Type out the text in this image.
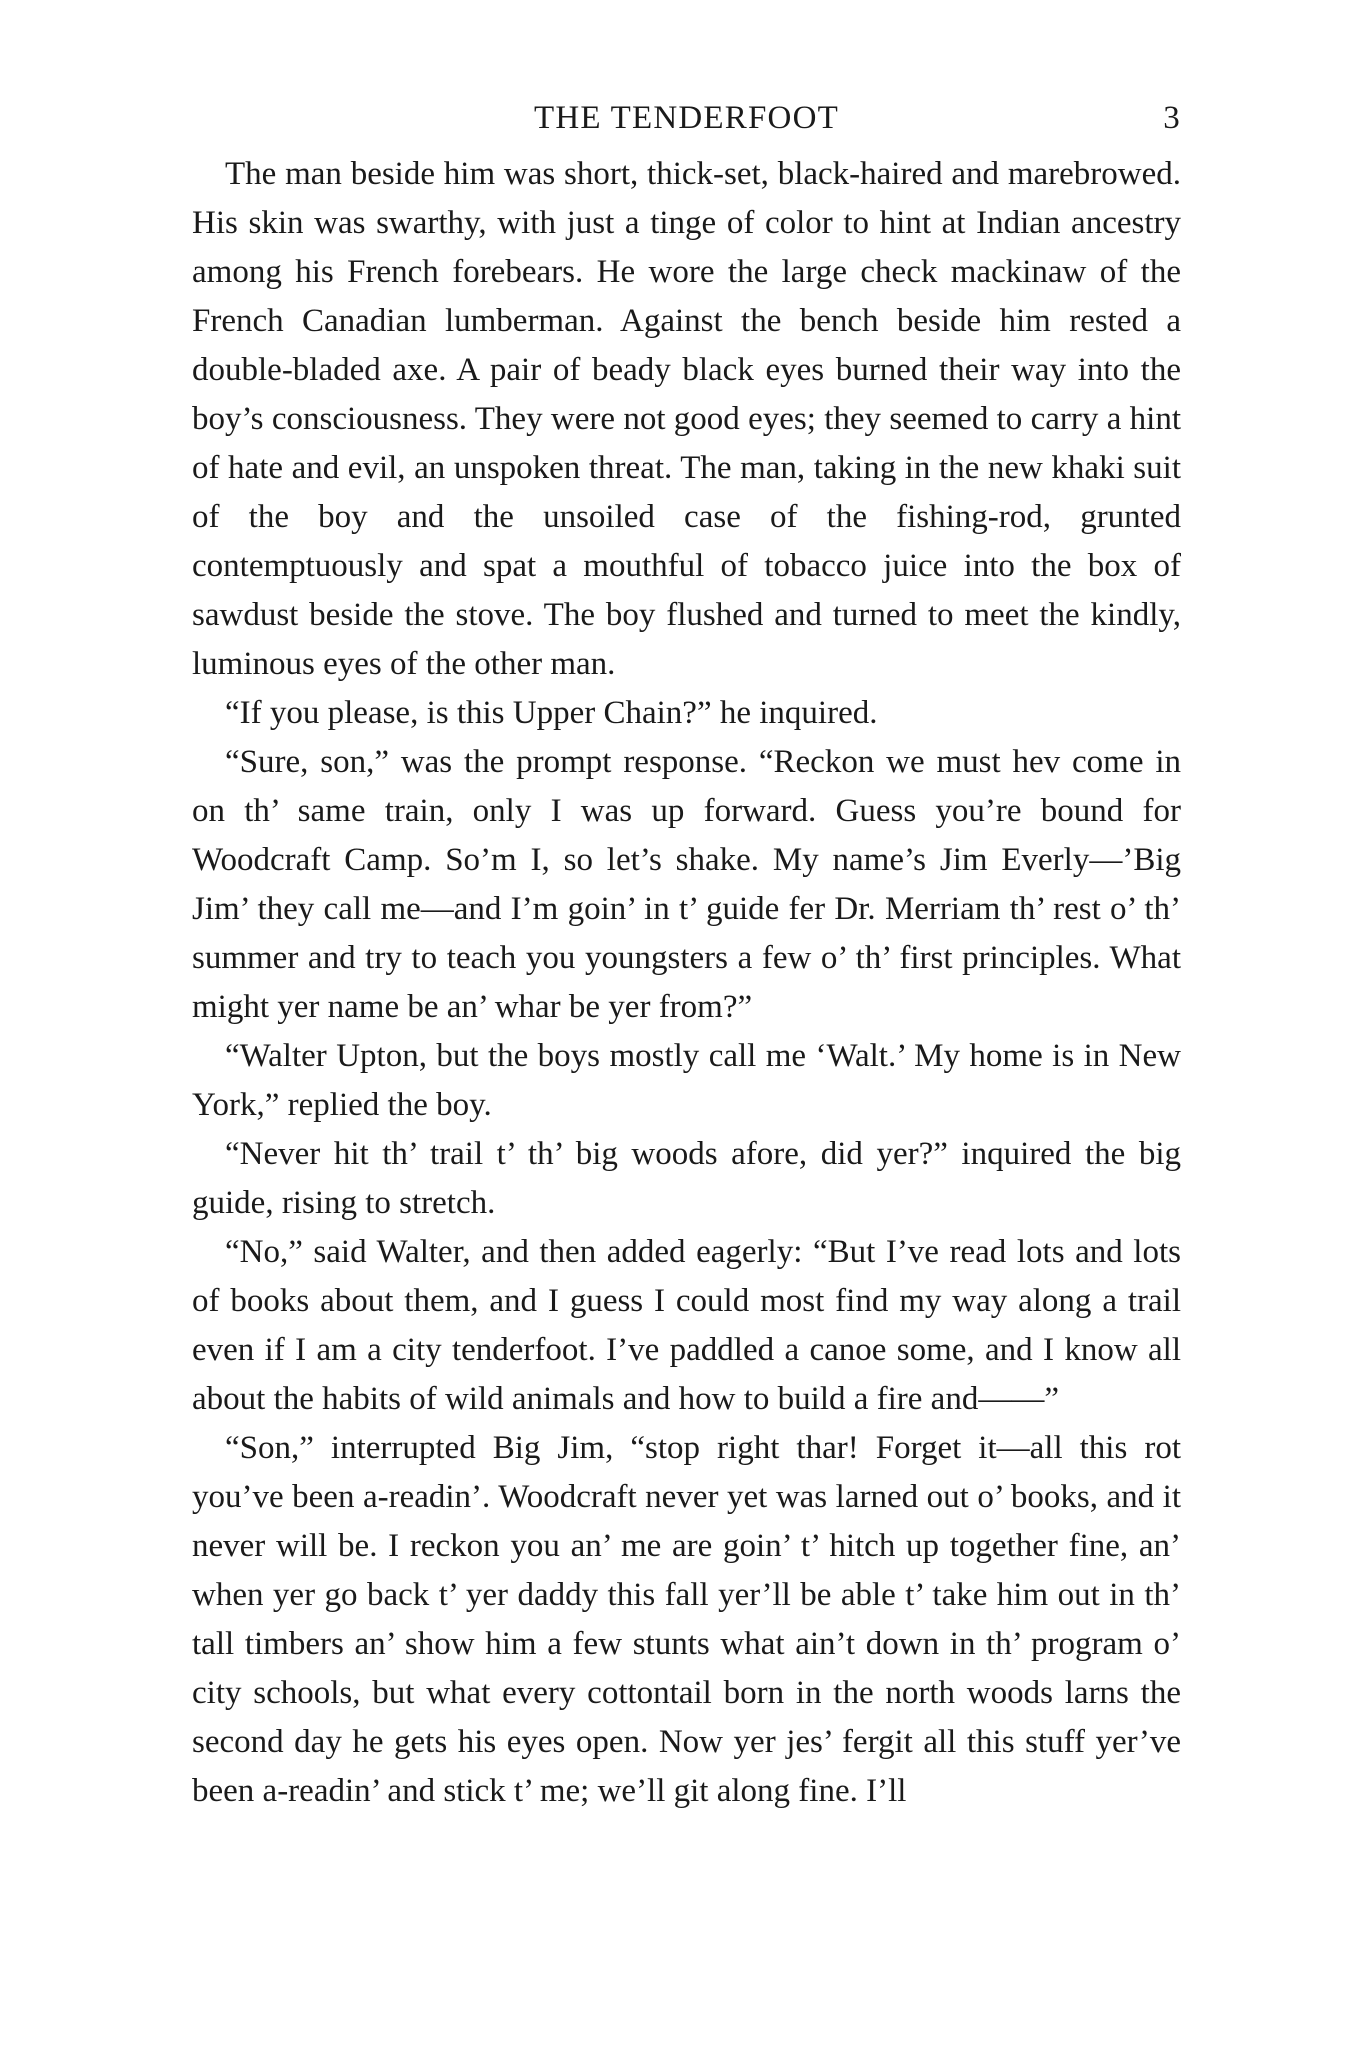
THE TENDERFOOT	3

The man beside him was short, thick-set, black-haired and marebrowed. His skin was swarthy, with just a tinge of color to hint at Indian ancestry among his French forebears. He wore the large check mackinaw of the French Canadian lumberman. Against the bench beside him rested a double-bladed axe. A pair of beady black eyes burned their way into the boy’s consciousness. They were not good eyes; they seemed to carry a hint of hate and evil, an unspoken threat. The man, taking in the new khaki suit of the boy and the unsoiled case of the fishing-rod, grunted contemptuously and spat a mouthful of tobacco juice into the box of sawdust beside the stove. The boy flushed and turned to meet the kindly, luminous eyes of the other man.

“If you please, is this Upper Chain?” he inquired.

“Sure, son,” was the prompt response. “Reckon we must hev come in on th’ same train, only I was up forward. Guess you’re bound for Woodcraft Camp. So’m I, so let’s shake. My name’s Jim Everly—’Big Jim’ they call me—and I’m goin’ in t’ guide fer Dr. Merriam th’ rest o’ th’ summer and try to teach you youngsters a few o’ th’ first principles. What might yer name be an’ whar be yer from?”

“Walter Upton, but the boys mostly call me ‘Walt.’ My home is in New York,” replied the boy.

“Never hit th’ trail t’ th’ big woods afore, did yer?” inquired the big guide, rising to stretch.

“No,” said Walter, and then added eagerly: “But I’ve read lots and lots of books about them, and I guess I could most find my way along a trail even if I am a city tenderfoot. I’ve paddled a canoe some, and I know all about the habits of wild animals and how to build a fire and——”

“Son,” interrupted Big Jim, “stop right thar! Forget it—all this rot you’ve been a-readin’. Woodcraft never yet was larned out o’ books, and it never will be. I reckon you an’ me are goin’ t’ hitch up together fine, an’ when yer go back t’ yer daddy this fall yer’ll be able t’ take him out in th’ tall timbers an’ show him a few stunts what ain’t down in th’ program o’ city schools, but what every cottontail born in the north woods larns the second day he gets his eyes open. Now yer jes’ fergit all this stuff yer’ve been a-readin’ and stick t’ me; we’ll git along fine. I’ll
